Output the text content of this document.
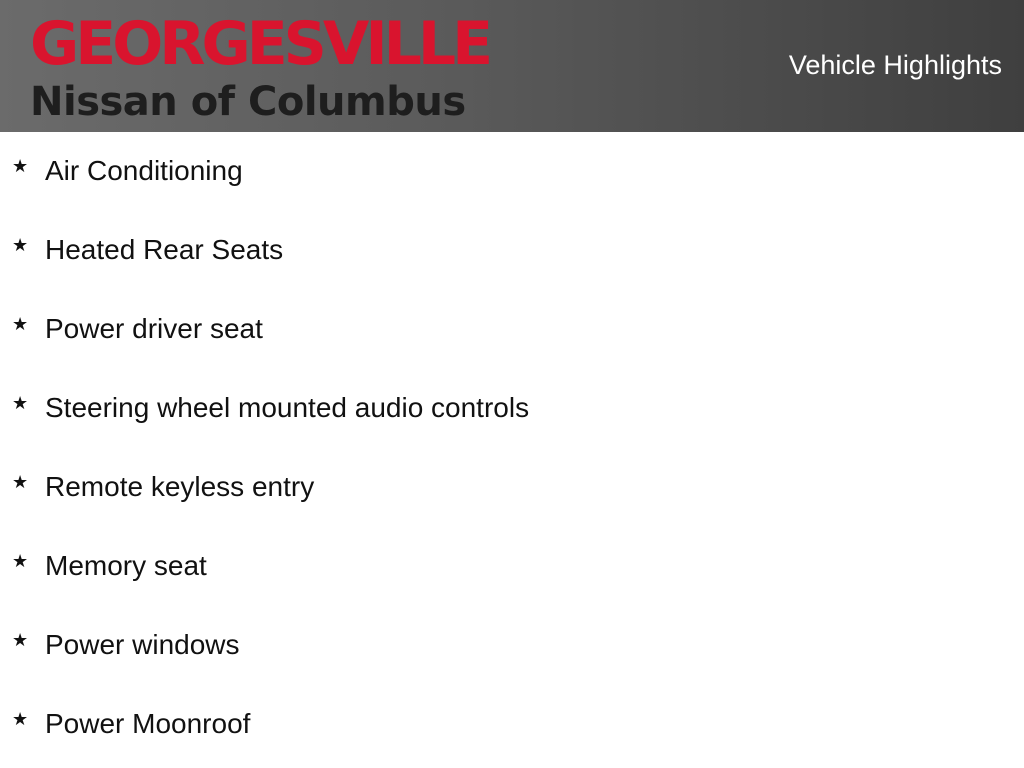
GEORGESVILLE
Nissan of Columbus
Vehicle Highlights
★ Air Conditioning
★ Heated Rear Seats
★ Power driver seat
★ Steering wheel mounted audio controls
★ Remote keyless entry
★ Memory seat
★ Power windows
★ Power Moonroof
